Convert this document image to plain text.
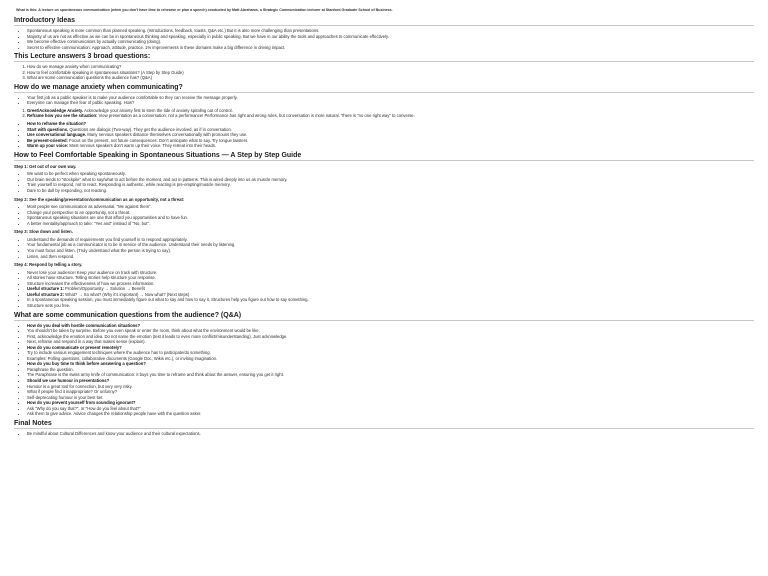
What is this: A lecture on spontaneous communication (when you don't have time to rehearse or plan a speech) conducted by Matt Abrahams, a Strategic Communication lecturer at Stanford Graduate School of Business.
Introductory Ideas
• Spontaneous speaking is more common than planned speaking. (Introductions, feedback, toasts, Q&A etc.) But it is also more challenging than presentations.
• Majority of us are not as effective as we can be in spontaneous thinking and speaking, especially in public speaking. But we have in our ability the tools and approaches to communicate effectively.
• We become effective communicators by actually communicating (doing).
• Secret to effective communication: Approach, attitude, practice. 1% improvements in these domains make a big difference in driving impact.
This Lecture answers 3 broad questions:
1. How do we manage anxiety when communicating?
2. How to feel comfortable speaking in spontaneous situations? (A Step by Step Guide)
3. What are some communication questions the audience has? (Q&A)
How do we manage anxiety when communicating?
• Your first job as a public speaker is to make your audience comfortable so they can receive the message properly.
• Everyone can manage their fear of public speaking. How?
1. Greet/Acknowledge Anxiety. Acknowledge your anxiety first to stem the tide of anxiety spiraling out of control.
2. Reframe how you see the situation: View presentation as a conversation, not a performance! Performance has right and wrong rules, but conversation is more natural. There is "no one right way" to converse.
• How to reframe the situation?
• Start with questions. Questions are dialogic (Two-way). They get the audience involved, as if in conversation.
• Use conversational language. Many nervous speakers distance themselves conversationally with pronouns they use.
• Be present-oriented: Focus on the present, not future consequences. Don't anticipate what to say. Try tongue twisters.
• Warm up your voice: Most nervous speakers don't warm up their voice. They retreat into their heads.
How to Feel Comfortable Speaking in Spontaneous Situations — A Step by Step Guide
Step 1: Get out of our own way.
• We want to be perfect when speaking spontaneously.
• Our brain tends to "stockpile" what to say/what to act before the moment, and act in patterns. This is wired deeply into us as muscle memory.
• Train yourself to respond, not to react. Responding is authentic, while reacting is pre-empting/muscle memory.
• Dare to be dull by responding, not reacting.
Step 2: See the speaking/presentation/communication as an opportunity, not a threat:
• Most people see communication as adversarial. "Me against them".
• Change your perspective to an opportunity, not a threat.
• Spontaneous speaking situations are one that afford you opportunities and to have fun.
• A better mentality/approach to take: "Yes and" instead of "No, but".
Step 3: Slow down and listen.
• Understand the demands of requirements you find yourself in to respond appropriately.
• Your fundamental job as a communicator is to be in service of the audience. Understand their needs by listening.
• You must focus and listen. (Truly understand what the person is trying to say).
• Listen, and then respond.
Step 4: Respond by telling a story.
• Never lose your audience! Keep your audience on track with structure.
• All stories have structure. Telling stories help structure your response.
• Structure increases the effectiveness of how we process information.
• Useful structure 1: Problem/Opportunity → Solution → Benefit
• Useful structure 2: What? → So what? (Why it's important) → Now what? (Next steps)
• In a spontaneous speaking session, you must immediately figure out what to say and how to say it. Structures help you figure out how to say something.
• Structure sets you free.
What are some communication questions from the audience? (Q&A)
• How do you deal with hostile communication situations?
• You shouldn't be taken by surprise. Before you even speak or enter the room, think about what the environment would be like.
• First, acknowledge the emotion and idea. Do not name the emotion (test it leads to even more conflict/misunderstanding). Just acknowledge.
• Next, reframe and respond in a way that makes sense (explain).
• How do you communicate or present remotely?
• Try to include various engagement techniques where the audience has to participate/do something.
• Examples: Polling questions, collaborative documents (Google Doc, Wikis etc.), or inviting imagination.
• How do you buy time to think before answering a question?
• Paraphrase the question.
• The Paraphrase is the swiss army knife of communication: it buys you time to reframe and think about the answer, ensuring you get it right.
• Should we use humour in presentations?
• Humour is a great tool for connection, but very very risky.
• What if people find it inappropriate? Or unfunny?
• Self-deprecating humour is your best bet.
• How do you prevent yourself from sounding ignorant?
• Ask "Why do you say that?", or "How do you feel about that?"
• Ask them to give advice. Advice changes the relationship people have with the question asker.
Final Notes
• Be mindful about Cultural Differences and know your audience and their cultural expectations.
